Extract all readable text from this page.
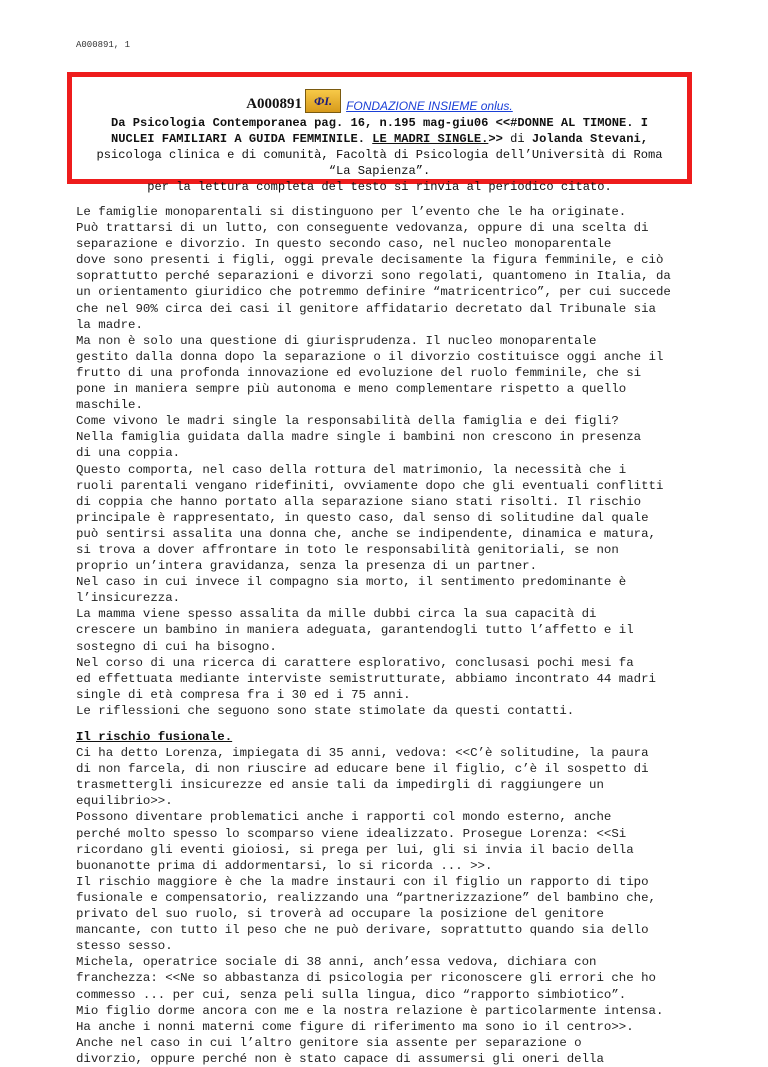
A000891, 1
A000891	ФI.	FONDAZIONE INSIEME onlus.
Da Psicologia Contemporanea pag. 16, n.195 mag-giu06 <<#DONNE AL TIMONE. I
NUCLEI FAMILIARI A GUIDA FEMMINILE. LE MADRI SINGLE.>> di Jolanda Stevani,
psicologa clinica e di comunità, Facoltà di Psicologia dell’Università di Roma
“La Sapienza”.
per la lettura completa del testo si rinvia al periodico citato.
Le famiglie monoparentali si distinguono per l’evento che le ha originate.
Può trattarsi di un lutto, con conseguente vedovanza, oppure di una scelta di
separazione e divorzio. In questo secondo caso, nel nucleo monoparentale
dove sono presenti i figli, oggi prevale decisamente la figura femminile, e ciò
soprattutto perché separazioni e divorzi sono regolati, quantomeno in Italia, da
un orientamento giuridico che potremmo definire “matricentrico”, per cui succede
che nel 90% circa dei casi il genitore affidatario decretato dal Tribunale sia
la madre.
Ma non è solo una questione di giurisprudenza. Il nucleo monoparentale
gestito dalla donna dopo la separazione o il divorzio costituisce oggi anche il
frutto di una profonda innovazione ed evoluzione del ruolo femminile, che si
pone in maniera sempre più autonoma e meno complementare rispetto a quello
maschile.
Come vivono le madri single la responsabilità della famiglia e dei figli?
Nella famiglia guidata dalla madre single i bambini non crescono in presenza
di una coppia.
Questo comporta, nel caso della rottura del matrimonio, la necessità che i
ruoli parentali vengano ridefiniti, ovviamente dopo che gli eventuali conflitti
di coppia che hanno portato alla separazione siano stati risolti. Il rischio
principale è rappresentato, in questo caso, dal senso di solitudine dal quale
può sentirsi assalita una donna che, anche se indipendente, dinamica e matura,
si trova a dover affrontare in toto le responsabilità genitoriali, se non
proprio un’intera gravidanza, senza la presenza di un partner.
Nel caso in cui invece il compagno sia morto, il sentimento predominante è
l’insicurezza.
La mamma viene spesso assalita da mille dubbi circa la sua capacità di
crescere un bambino in maniera adeguata, garantendogli tutto l’affetto e il
sostegno di cui ha bisogno.
Nel corso di una ricerca di carattere esplorativo, conclusasi pochi mesi fa
ed effettuata mediante interviste semistrutturate, abbiamo incontrato 44 madri
single di età compresa fra i 30 ed i 75 anni.
Le riflessioni che seguono sono state stimolate da questi contatti.
Il rischio fusionale.
Ci ha detto Lorenza, impiegata di 35 anni, vedova: <<C’è solitudine, la paura
di non farcela, di non riuscire ad educare bene il figlio, c’è il sospetto di
trasmettergli insicurezze ed ansie tali da impedirgli di raggiungere un
equilibrio>>.
Possono diventare problematici anche i rapporti col mondo esterno, anche
perché molto spesso lo scomparso viene idealizzato. Prosegue Lorenza: <<Si
ricordano gli eventi gioiosi, si prega per lui, gli si invia il bacio della
buonanotte prima di addormentarsi, lo si ricorda ... >>.
Il rischio maggiore è che la madre instauri con il figlio un rapporto di tipo
fusionale e compensatorio, realizzando una “partnerizzazione” del bambino che,
privato del suo ruolo, si troverà ad occupare la posizione del genitore
mancante, con tutto il peso che ne può derivare, soprattutto quando sia dello
stesso sesso.
Michela, operatrice sociale di 38 anni, anch’essa vedova, dichiara con
franchezza: <<Ne so abbastanza di psicologia per riconoscere gli errori che ho
commesso ... per cui, senza peli sulla lingua, dico “rapporto simbiotico”.
Mio figlio dorme ancora con me e la nostra relazione è particolarmente intensa.
Ha anche i nonni materni come figure di riferimento ma sono io il centro>>.
Anche nel caso in cui l’altro genitore sia assente per separazione o
divorzio, oppure perché non è stato capace di assumersi gli oneri della
